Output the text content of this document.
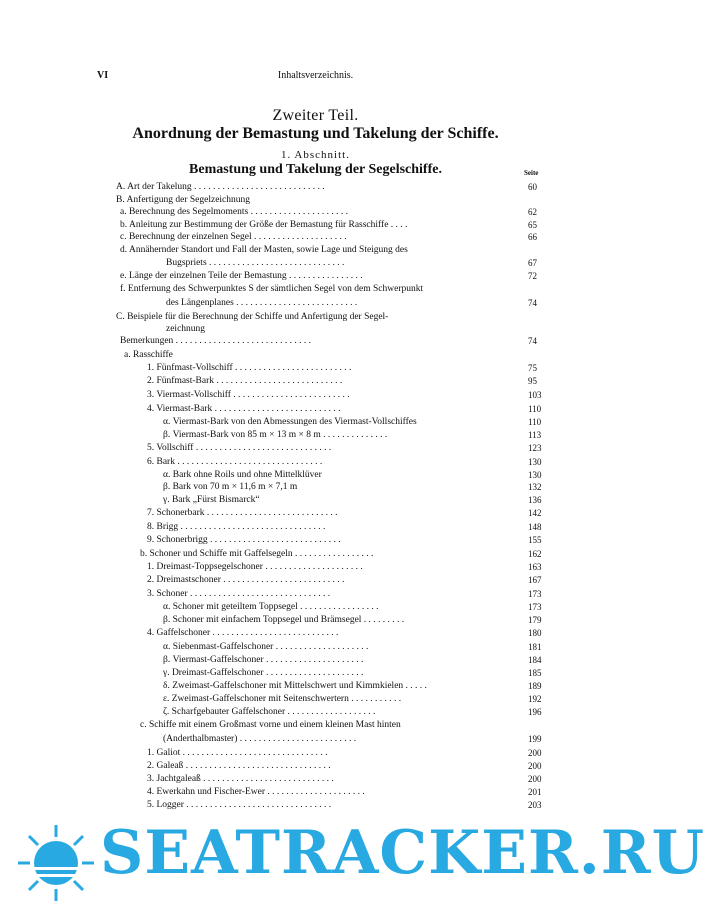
VI	Inhaltsverzeichnis.
Zweiter Teil.
Anordnung der Bemastung und Takelung der Schiffe.
1. Abschnitt.
Bemastung und Takelung der Segelschiffe.	Seite
A. Art der Takelung . . . . . . . . . . . . . . . . . . . . . . . . . . . .	60
B. Anfertigung der Segelzeichnung
a. Berechnung des Segelmoments . . . . . . . . . . . . . . . . . . . . .	62
b. Anleitung zur Bestimmung der Größe der Bemastung für Rasschiffe . . . .	65
c. Berechnung der einzelnen Segel . . . . . . . . . . . . . . . . . . . .	66
d. Annähernder Standort und Fall der Masten, sowie Lage und Steigung des
Bugspriets . . . . . . . . . . . . . . . . . . . . . . . . . . . . .	67
e. Länge der einzelnen Teile der Bemastung . . . . . . . . . . . . . . . .	72
f. Entfernung des Schwerpunktes S der sämtlichen Segel von dem Schwerpunkt
des Längenplanes . . . . . . . . . . . . . . . . . . . . . . . . . .	74
C. Beispiele für die Berechnung der Schiffe und Anfertigung der Segel-
zeichnung
Bemerkungen . . . . . . . . . . . . . . . . . . . . . . . . . . . . .	74
a. Rasschiffe
1. Fünfmast-Vollschiff . . . . . . . . . . . . . . . . . . . . . . . . .	75
2. Fünfmast-Bark . . . . . . . . . . . . . . . . . . . . . . . . . . .	95
3. Viermast-Vollschiff . . . . . . . . . . . . . . . . . . . . . . . . .	103
4. Viermast-Bark . . . . . . . . . . . . . . . . . . . . . . . . . . .	110
α. Viermast-Bark von den Abmessungen des Viermast-Vollschiffes	110
β. Viermast-Bark von 85 m × 13 m × 8 m . . . . . . . . . . . . . .	113
5. Vollschiff . . . . . . . . . . . . . . . . . . . . . . . . . . . . .	123
6. Bark . . . . . . . . . . . . . . . . . . . . . . . . . . . . . . .	130
α. Bark ohne Roils und ohne Mittelklüver	130
β. Bark von 70 m × 11,6 m × 7,1 m	132
γ. Bark „Fürst Bismarck“	136
7. Schonerbark . . . . . . . . . . . . . . . . . . . . . . . . . . . .	142
8. Brigg . . . . . . . . . . . . . . . . . . . . . . . . . . . . . . .	148
9. Schonerbrigg . . . . . . . . . . . . . . . . . . . . . . . . . . . .	155
b. Schoner und Schiffe mit Gaffelsegeln . . . . . . . . . . . . . . . . .	162
1. Dreimast-Toppsegelschoner . . . . . . . . . . . . . . . . . . . . .	163
2. Dreimastschoner . . . . . . . . . . . . . . . . . . . . . . . . . .	167
3. Schoner . . . . . . . . . . . . . . . . . . . . . . . . . . . . . .	173
α. Schoner mit geteiltem Toppsegel . . . . . . . . . . . . . . . . .	173
β. Schoner mit einfachem Toppsegel und Brämsegel . . . . . . . . .	179
4. Gaffelschoner . . . . . . . . . . . . . . . . . . . . . . . . . . .	180
α. Siebenmast-Gaffelschoner . . . . . . . . . . . . . . . . . . . .	181
β. Viermast-Gaffelschoner . . . . . . . . . . . . . . . . . . . . .	184
γ. Dreimast-Gaffelschoner . . . . . . . . . . . . . . . . . . . . .	185
δ. Zweimast-Gaffelschoner mit Mittelschwert und Kimmkielen . . . . .	189
ε. Zweimast-Gaffelschoner mit Seitenschwertern . . . . . . . . . . .	192
ζ. Scharfgebauter Gaffelschoner . . . . . . . . . . . . . . . . . . .	196
c. Schiffe mit einem Großmast vorne und einem kleinen Mast hinten
(Anderthalbmaster) . . . . . . . . . . . . . . . . . . . . . . . . .	199
1. Galiot . . . . . . . . . . . . . . . . . . . . . . . . . . . . . . .	200
2. Galeaß . . . . . . . . . . . . . . . . . . . . . . . . . . . . . . .	200
3. Jachtgaleaß . . . . . . . . . . . . . . . . . . . . . . . . . . . .	200
4. Ewerkahn und Fischer-Ewer . . . . . . . . . . . . . . . . . . . . .	201
5. Logger . . . . . . . . . . . . . . . . . . . . . . . . . . . . . . .	203
SEATRACKER.RU
